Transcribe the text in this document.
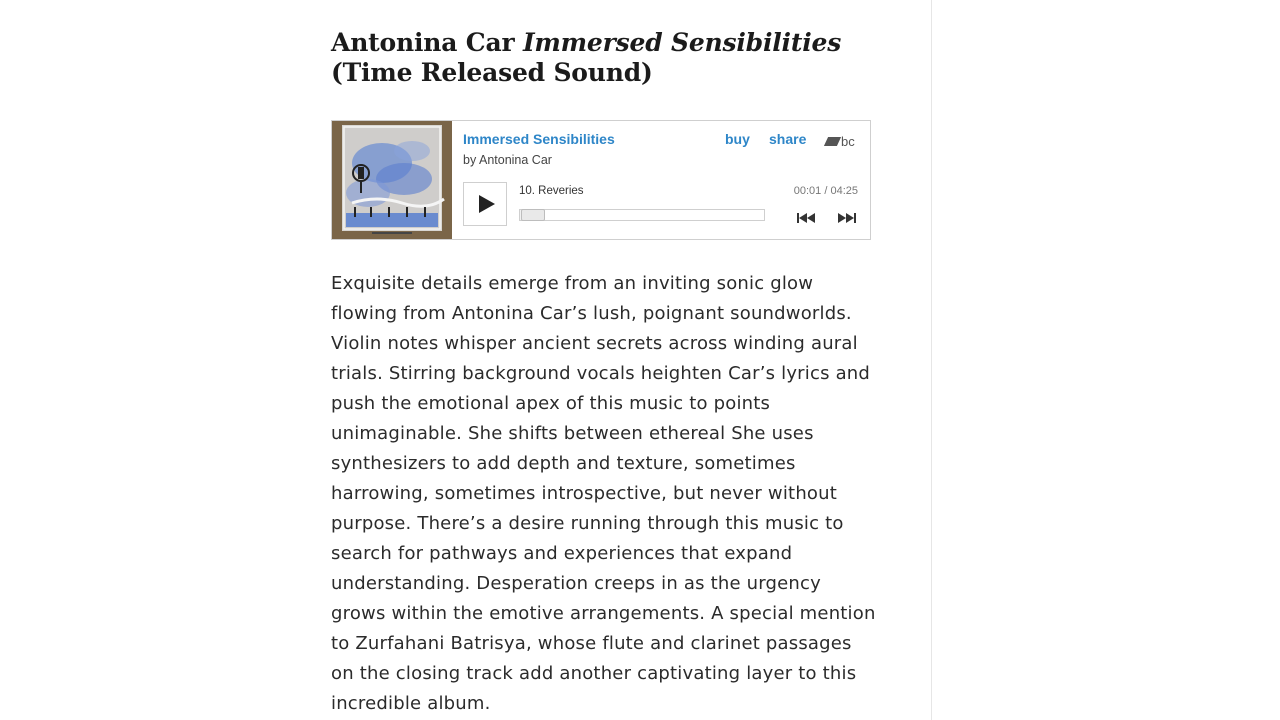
Antonina Car Immersed Sensibilities (Time Released Sound)
Immersed Sensibilities
by Antonina Car
buy share	bc
10. Reveries	00:01 / 04:25

Exquisite details emerge from an inviting sonic glow flowing from Antonina Car’s lush, poignant soundworlds. Violin notes whisper ancient secrets across winding aural trials. Stirring background vocals heighten Car’s lyrics and push the emotional apex of this music to points unimaginable. She shifts between ethereal She uses synthesizers to add depth and texture, sometimes harrowing, sometimes introspective, but never without purpose. There’s a desire running through this music to search for pathways and experiences that expand understanding. Desperation creeps in as the urgency grows within the emotive arrangements. A special mention to Zurfahani Batrisya, whose flute and clarinet passages on the closing track add another captivating layer to this incredible album.
